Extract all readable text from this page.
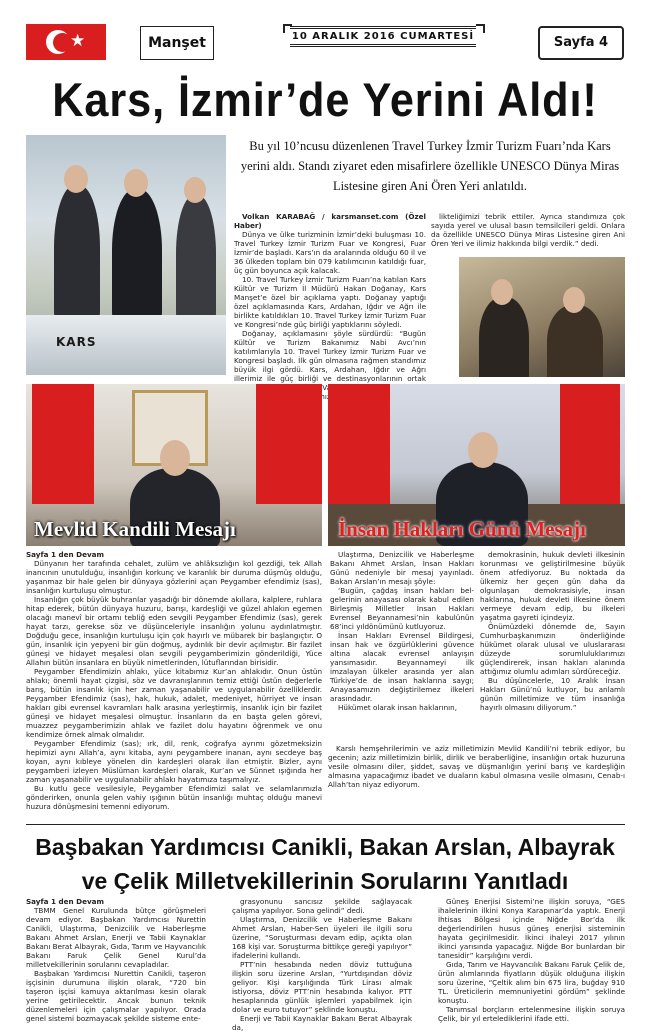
★	Manşet	10 ARALIK 2016 CUMARTESİ	Sayfa 4
Kars, İzmir’de Yerini Aldı!
KARS
Bu yıl 10’ncusu düzenlenen Travel Turkey İzmir Turizm Fuarı’nda Kars yerini aldı. Standı ziyaret eden misafirlere özellikle UNESCO Dünya Miras Listesine giren Ani Ören Yeri anlatıldı.

Volkan KARABAĞ / karsmanset.com (Özel Haber)

Dünya ve ülke turizminin İzmir’deki buluşması 10. Travel Turkey İzmir Turizm Fuar ve Kongresi, Fuar İzmir’de başladı. Kars’ın da aralarında olduğu 60 il ve 36 ülkeden toplam bin 079 katılımcının katıldığı fuar, üç gün boyunca açık kalacak.

10. Travel Turkey İzmir Turizm Fuarı’na katılan Kars Kültür ve Turizm İl Müdürü Hakan Doğanay, Kars Manşet’e özel bir açıklama yaptı. Doğanay yaptığı özel açıklamasında Kars, Ardahan, Iğdır ve Ağrı ile birlikte katıldıkları 10. Travel Turkey İzmir Turizm Fuar ve Kongresi’nde güç birliği yaptıklarını söyledi.

Doğanay, açıklamasını şöyle sürdürdü: “Bugün Kültür ve Turizm Bakanımız Nabi Avcı’nın katılımlarıyla 10. Travel Turkey İzmir Turizm Fuar ve Kongresi başladı. İlk gün olmasına rağmen standımız büyük ilgi gördü. Kars, Ardahan, Iğdır ve Ağrı illerimiz ile güç birliği ve destinasyonlarının ortak

likteliğimizi tebrik ettiler. Ayrıca standımıza çok sayıda yerel ve ulusal basın temsilcileri geldi. Onlara da özellikle UNESCO Dünya Miras Listesine giren Ani Ören Yeri ve ilimiz hakkında bilgi verdik.” dedi.

Mevlid Kandili Mesajı	İnsan Hakları Günü Mesajı

Sayfa 1 den Devam

Dünyanın her tarafında cehalet, zulüm ve ahlâksızlığın kol gezdiği, tek Allah inancının unutulduğu, insanlığın korkunç ve karanlık bir duruma düşmüş olduğu, yaşanmaz bir hale gelen bir dünyaya gözlerini açan Peygamber efendimiz (sas), insanlığın kurtuluşu olmuştur.

İnsanlığın çok büyük buhranlar yaşadığı bir dönemde akıllara, kalplere, ruhlara hitap ederek, bütün dünyaya huzuru, barışı, kardeşliği ve güzel ahlakın egemen olacağı manevî bir ortamı tebliğ eden sevgili Peygamber Efendimiz (sas), gerek hayat tarzı, gerekse söz ve düşünceleriyle insanlığın yolunu aydınlatmıştır. Doğduğu gece, insanlığın kurtuluşu için çok hayırlı ve mübarek bir başlangıçtır. O gün, insanlık için yepyeni bir gün doğmuş, aydınlık bir devir açılmıştır. Bir fazilet güneşi ve hidayet meşalesi olan sevgili peygamberimizin gönderildiği, Yüce Allahın bütün insanlara en büyük nimetlerinden, lütuflarından birisidir.

Peygamber Efendimizin ahlakı, yüce kitabımız Kur’an ahlakıdır. Onun üstün ahlakı; önemli hayat çizgisi, söz ve davranışlarının temiz ettiği üstün değerlerle barış, bütün insanlık için her zaman yaşanabilir ve uygulanabilir özelliklerdir. Peygamber Efendimiz (sas), hak, hukuk, adalet, medeniyet, hürriyet ve insan hakları gibi evrensel kavramları halk arasına yerleştirmiş, insanlık için bir fazilet güneşi ve hidayet meşalesi olmuştur. İnsanların da en başta gelen görevi, muazzez peygamberimizin ahlak ve fazilet dolu hayatını öğrenmek ve onu kendimize örnek almak olmalıdır.

Peygamber Efendimiz (sas); ırk, dil, renk, coğrafya ayrımı gözetmeksizin hepimizi aynı Allah’a, aynı kitaba, aynı peygambere inanan, aynı secdeye baş koyan, aynı kıbleye yönelen din kardeşleri olarak ilan etmiştir. Bizler, aynı peygamberi izleyen Müslüman kardeşleri olarak, Kur’an ve Sünnet ışığında her zaman yaşanabilir ve uygulanabilir ahlakı hayatımıza taşımalıyız.

Bu kutlu gece vesilesiyle, Peygamber Efendimizi salat ve selamlarımızla gönderirken, onunla gelen vahiy ışığının bütün insanlığı muhtaç olduğu manevi huzura dönüşmesini temenni ediyorum.

Ulaştırma, Denizcilik ve Haberleşme Bakanı Ahmet Arslan, İnsan Hakları Günü nedeniyle bir mesaj yayınladı. Bakan Arslan’ın mesajı şöyle:

‘Bugün, çağdaş insan hakları bel-gelerinin anayasası olarak kabul edilen Birleşmiş Milletler İnsan Hakları Evrensel Beyannamesi’nin kabulünün 68’inci yıldönümünü kutluyoruz.

İnsan Hakları Evrensel Bildirgesi, insan hak ve özgürlüklerini güvence altına alacak evrensel anlayışın yansımasıdır. Beyannameyi ilk imzalayan ülkeler arasında yer alan Türkiye’de de insan haklarına saygı; Anayasamızın değiştirilemez ilkeleri arasındadır.

Hükümet olarak insan haklarının,

demokrasinin, hukuk devleti ilkesinin korunması ve geliştirilmesine büyük önem atfediyoruz. Bu noktada da ülkemiz her geçen gün daha da olgunlaşan demokrasisiyle, insan haklarına, hukuk devleti ilkesine önem vermeye devam edip, bu ilkeleri yaşatma gayreti içindeyiz.

Önümüzdeki dönemde de, Sayın Cumhurbaşkanımızın önderliğinde hükümet olarak ulusal ve uluslararası düzeyde sorumluluklarımızı güçlendirerek, insan hakları alanında attığımız olumlu adımları sürdüreceğiz.

Bu düşüncelerle, 10 Aralık İnsan Hakları Günü’nü kutluyor, bu anlamlı günün milletimize ve tüm insanlığa hayırlı olmasını diliyorum.”

Karslı hemşehrilerimin ve aziz milletimizin Mevlid Kandili’ni tebrik ediyor, bu gecenin; aziz milletimizin birlik, dirlik ve beraberliğine, insanlığın ortak huzuruna vesile olmasını diler, şiddet, savaş ve düşmanlığın yerini barış ve kardeşliğin almasına yapacağımız ibadet ve duaların kabul olmasına vesile olmasını, Cenab-ı Allah’tan niyaz ediyorum.

Başbakan Yardımcısı Canikli, Bakan Arslan, Albayrak
ve Çelik Milletvekillerinin Sorularını Yanıtladı

Sayfa 1 den Devam

TBMM Genel Kurulunda bütçe görüşmeleri devam ediyor. Başbakan Yardımcısı Nurettin Canikli, Ulaştırma, Denizcilik ve Haberleşme Bakanı Ahmet Arslan, Enerji ve Tabii Kaynaklar Bakanı Berat Albayrak, Gıda, Tarım ve Hayvancılık Bakanı Faruk Çelik Genel Kurul’da milletvekillerinin sorularını cevapladılar.

Başbakan Yardımcısı Nurettin Canikli, taşeron işçisinin durumuna ilişkin olarak, “720 bin taşeron işçisi kamuya aktarılması kesin olarak yerine getirilecektir. Ancak bunun teknik düzenlemeleri için çalışmalar yapılıyor. Orada genel sistemi bozmayacak şekilde sisteme ente-

grasyonunu sancısız şekilde sağlayacak çalışma yapılıyor. Sona gelindi” dedi.

Ulaştırma, Denizcilik ve Haberleşme Bakanı Ahmet Arslan, Haber-Sen üyeleri ile ilgili soru üzerine, “Soruşturması devam edip, açıkta olan 168 kişi var. Soruşturma bittikçe gereği yapılıyor” ifadelerini kullandı.

PTT’nin hesabında neden döviz tuttuğuna ilişkin soru üzerine Arslan, “Yurtdışından döviz geliyor. Kişi karşılığında Türk Lirası almak istiyorsa, döviz PTT’nin hesabında kalıyor. PTT hesaplarında günlük işlemleri yapabilmek için dolar ve euro tutuyor” şeklinde konuştu.

Enerji ve Tabii Kaynaklar Bakanı Berat Albayrak da,

Güneş Enerjisi Sistemi’ne ilişkin soruya, “GES ihalelerinin ilkini Konya Karapınar’da yaptık. Enerji İhtisas Bölgesi içinde Niğde Bor’da ilk değerlendirilen husus güneş enerjisi sisteminin hayata geçirilmesidir. İkinci ihaleyi 2017 yılının ikinci yarısında yapacağız. Niğde Bor bunlardan bir tanesidir” karşılığını verdi.

Gıda, Tarım ve Hayvancılık Bakanı Faruk Çelik de, ürün alımlarında fiyatların düşük olduğuna ilişkin soru üzerine, “Çeltik alım bin 675 lira, buğday 910 TL. Üreticilerin memnuniyetini gördüm” şeklinde konuştu.

Tanımsal borçların ertelenmesine ilişkin soruya Çelik, bir yıl ertelediklerini ifade etti.
